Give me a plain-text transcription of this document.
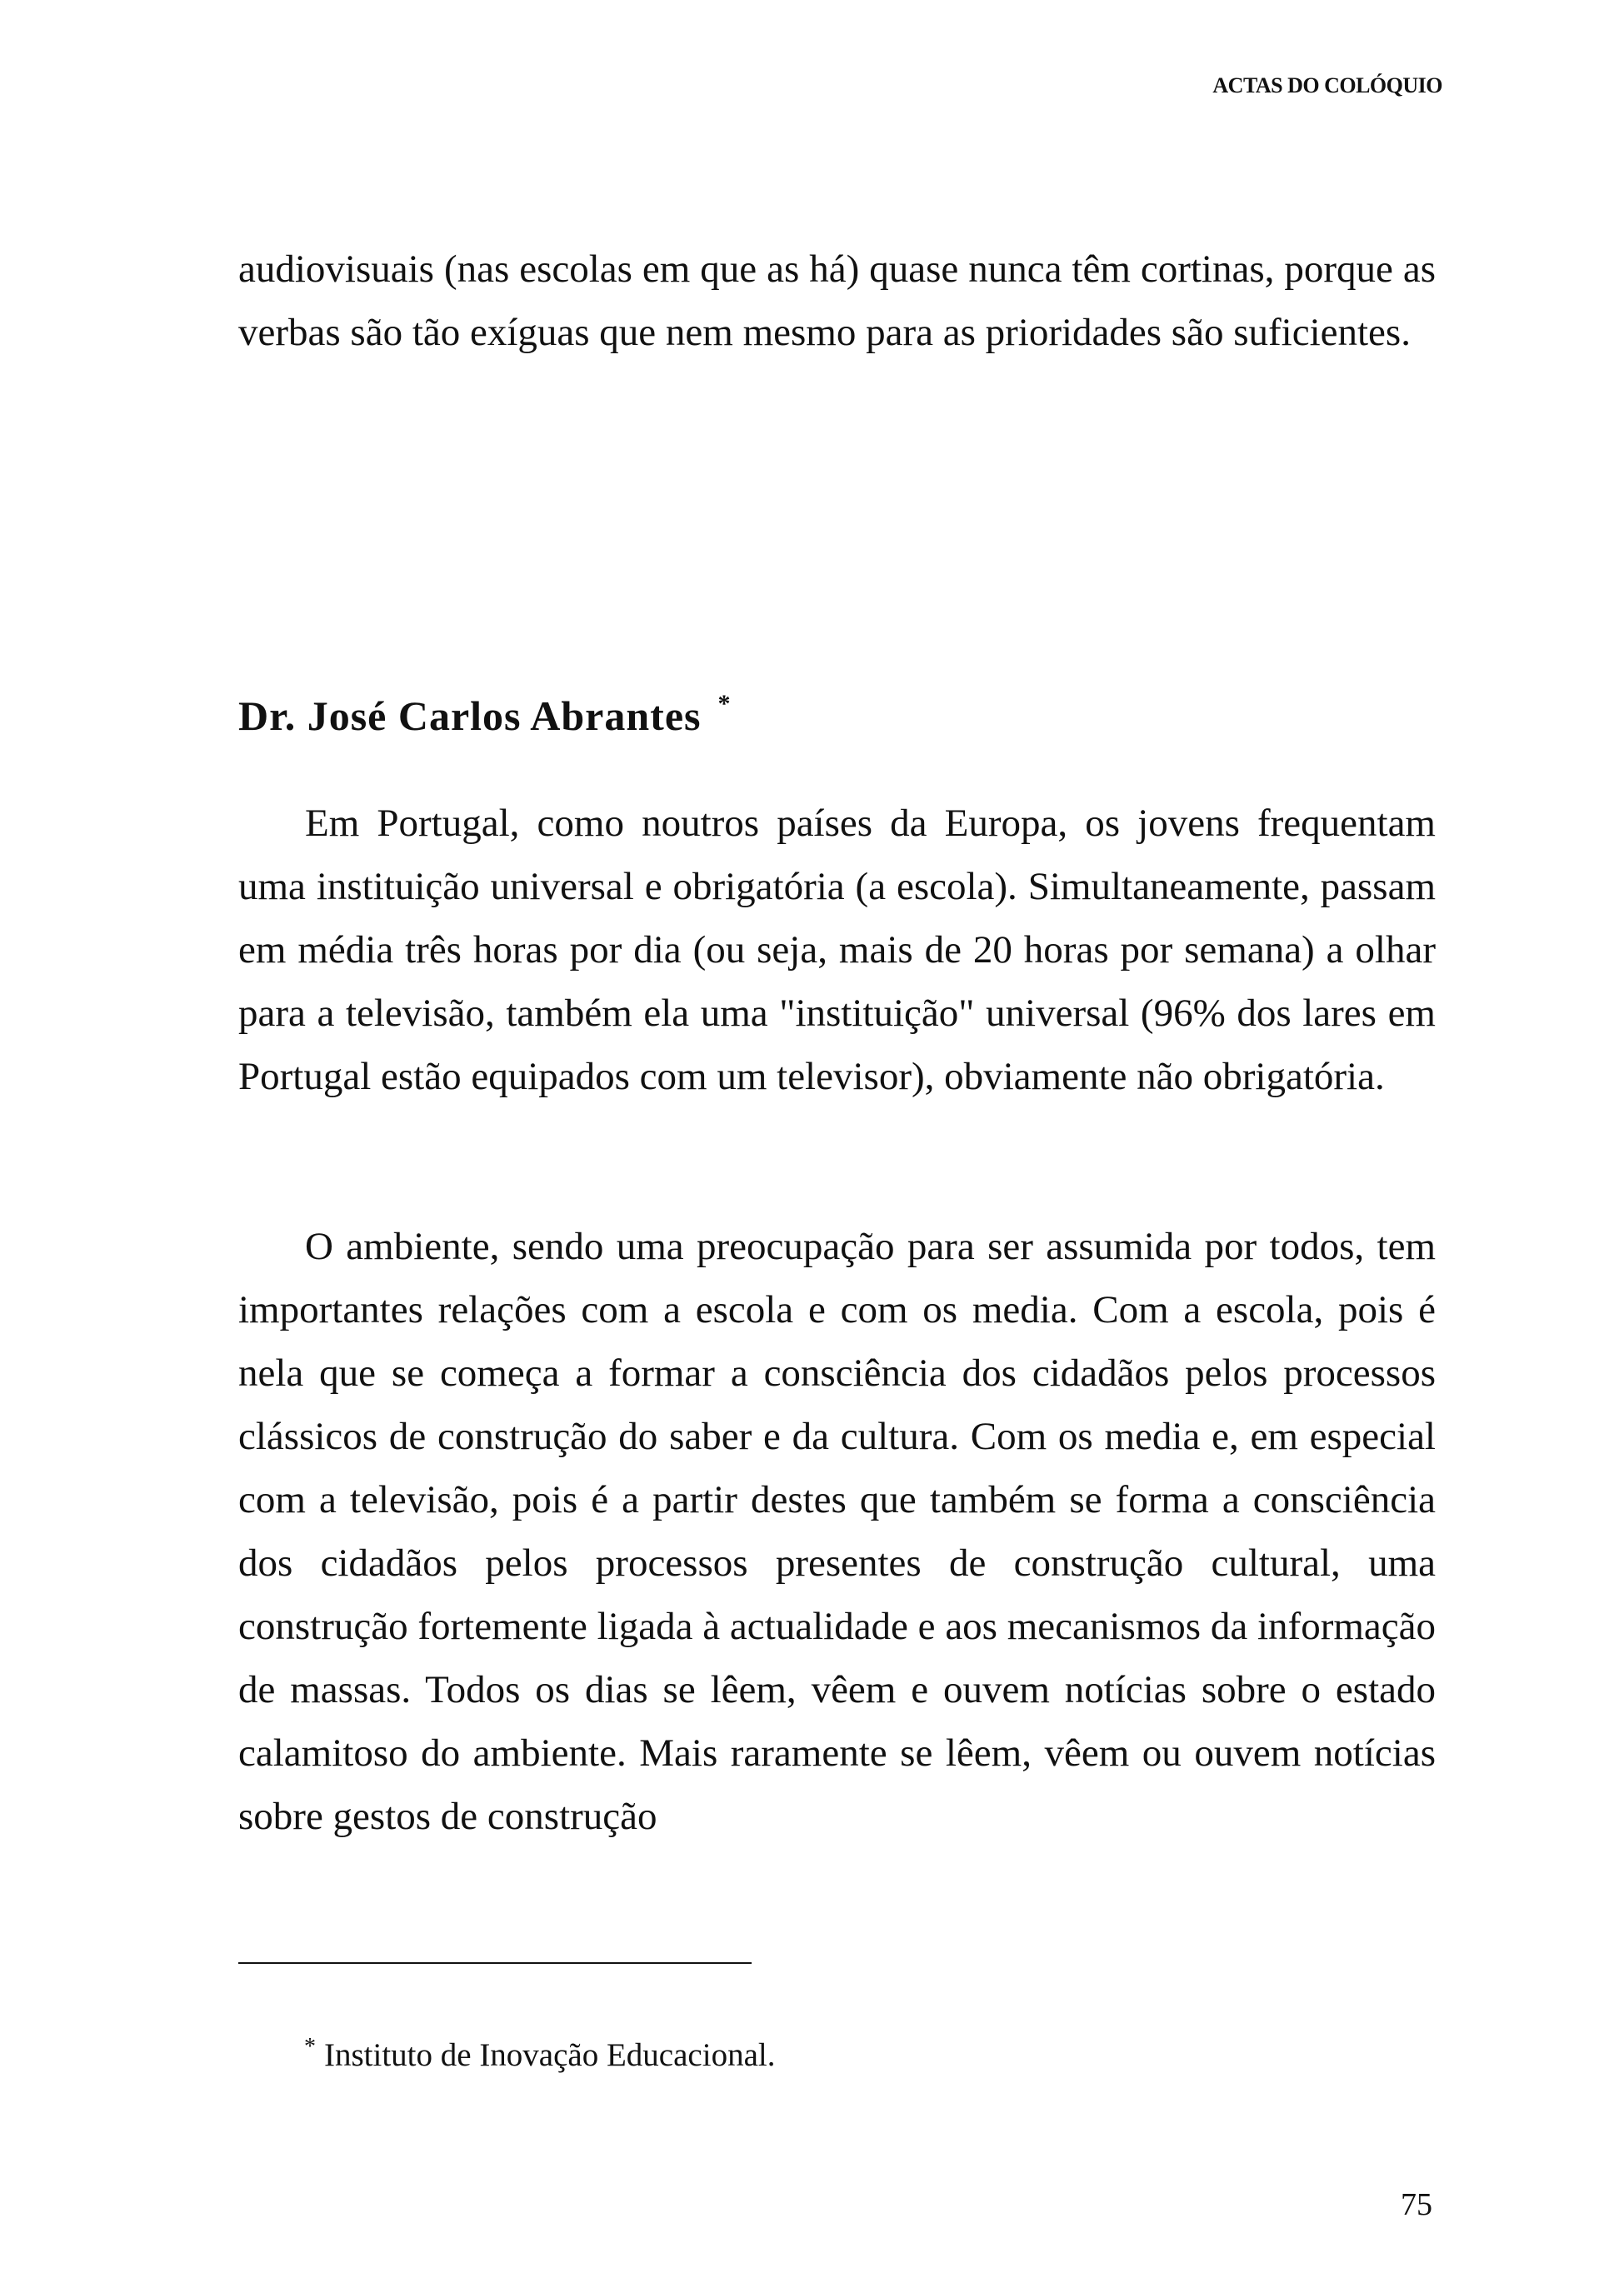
ACTAS DO COLÓQUIO

audiovisuais (nas escolas em que as há) quase nunca têm cortinas, porque as verbas são tão exíguas que nem mesmo para as prioridades são suficientes.

Dr. José Carlos Abrantes *

Em Portugal, como noutros países da Europa, os jovens frequentam uma instituição universal e obrigatória (a escola). Simultaneamente, passam em média três horas por dia (ou seja, mais de 20 horas por semana) a olhar para a televisão, também ela uma "instituição" universal (96% dos lares em Portugal estão equipados com um televisor), obviamente não obrigatória.

O ambiente, sendo uma preocupação para ser assumida por todos, tem importantes relações com a escola e com os media. Com a escola, pois é nela que se começa a formar a consciência dos cidadãos pelos processos clássicos de construção do saber e da cultura. Com os media e, em especial com a televisão, pois é a partir destes que também se forma a consciência dos cidadãos pelos processos presentes de construção cultural, uma construção fortemente ligada à actualidade e aos mecanismos da informação de massas. Todos os dias se lêem, vêem e ouvem notícias sobre o estado calamitoso do ambiente. Mais raramente se lêem, vêem ou ouvem notícias sobre gestos de construção

* Instituto de Inovação Educacional.

75
